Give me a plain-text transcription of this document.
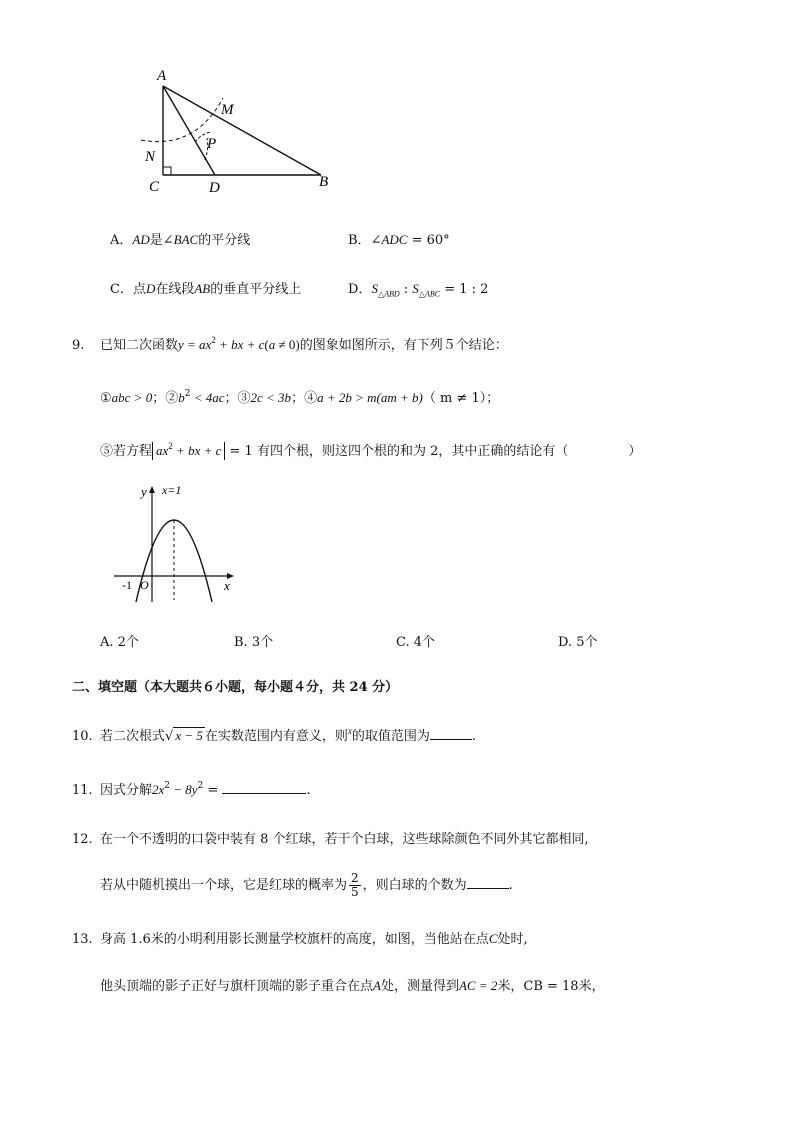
A
M
N
P
C	D	B
A．AD是∠BAC的平分线	B．∠ADC = 60°
C．点D在线段AB的垂直平分线上	D．$S_{\triangle ABD}$ : $S_{\triangle ABC} = 1$ : 2
9. 已知二次函数$y = ax^2$ + bx + c(a ≠ 0)的图象如图所示，有下列５个结论：
①abc > 0；$②b^2 < 4ac$；③2c < 3b；④a + 2b > m(am + b)（ m ≠ 1）；
⑤若方程 $ax^2$ + bx + c = 1 有四个根，则这四个根的和为 2，其中正确的结论有（	）
y x=1
-1 O	x
A. 2个	B. 3个	C. 4个	D. 5个
二、填空题（本大题共６小题，每小题４分，共 24 分）
10. 若二次根式√ x − 5 在实数范围内有意义，则$^x$的取值范围为	.
11. 因式分解$2x^2 - 8y^2$ =	.
12. 在一个不透明的口袋中装有 8 个红球，若干个白球，这些球除颜色不同外其它都相同,
若从中随机摸出一个球，它是红球的概率为 $\frac{2}{5}$ ，则白球的个数为	.
13. 身高 1.6米的小明利用影长测量学校旗杆的高度，如图，当他站在点C处时,
他头顶端的影子正好与旗杆顶端的影子重合在点A处，测量得到AC = 2米，CB = 18米，
